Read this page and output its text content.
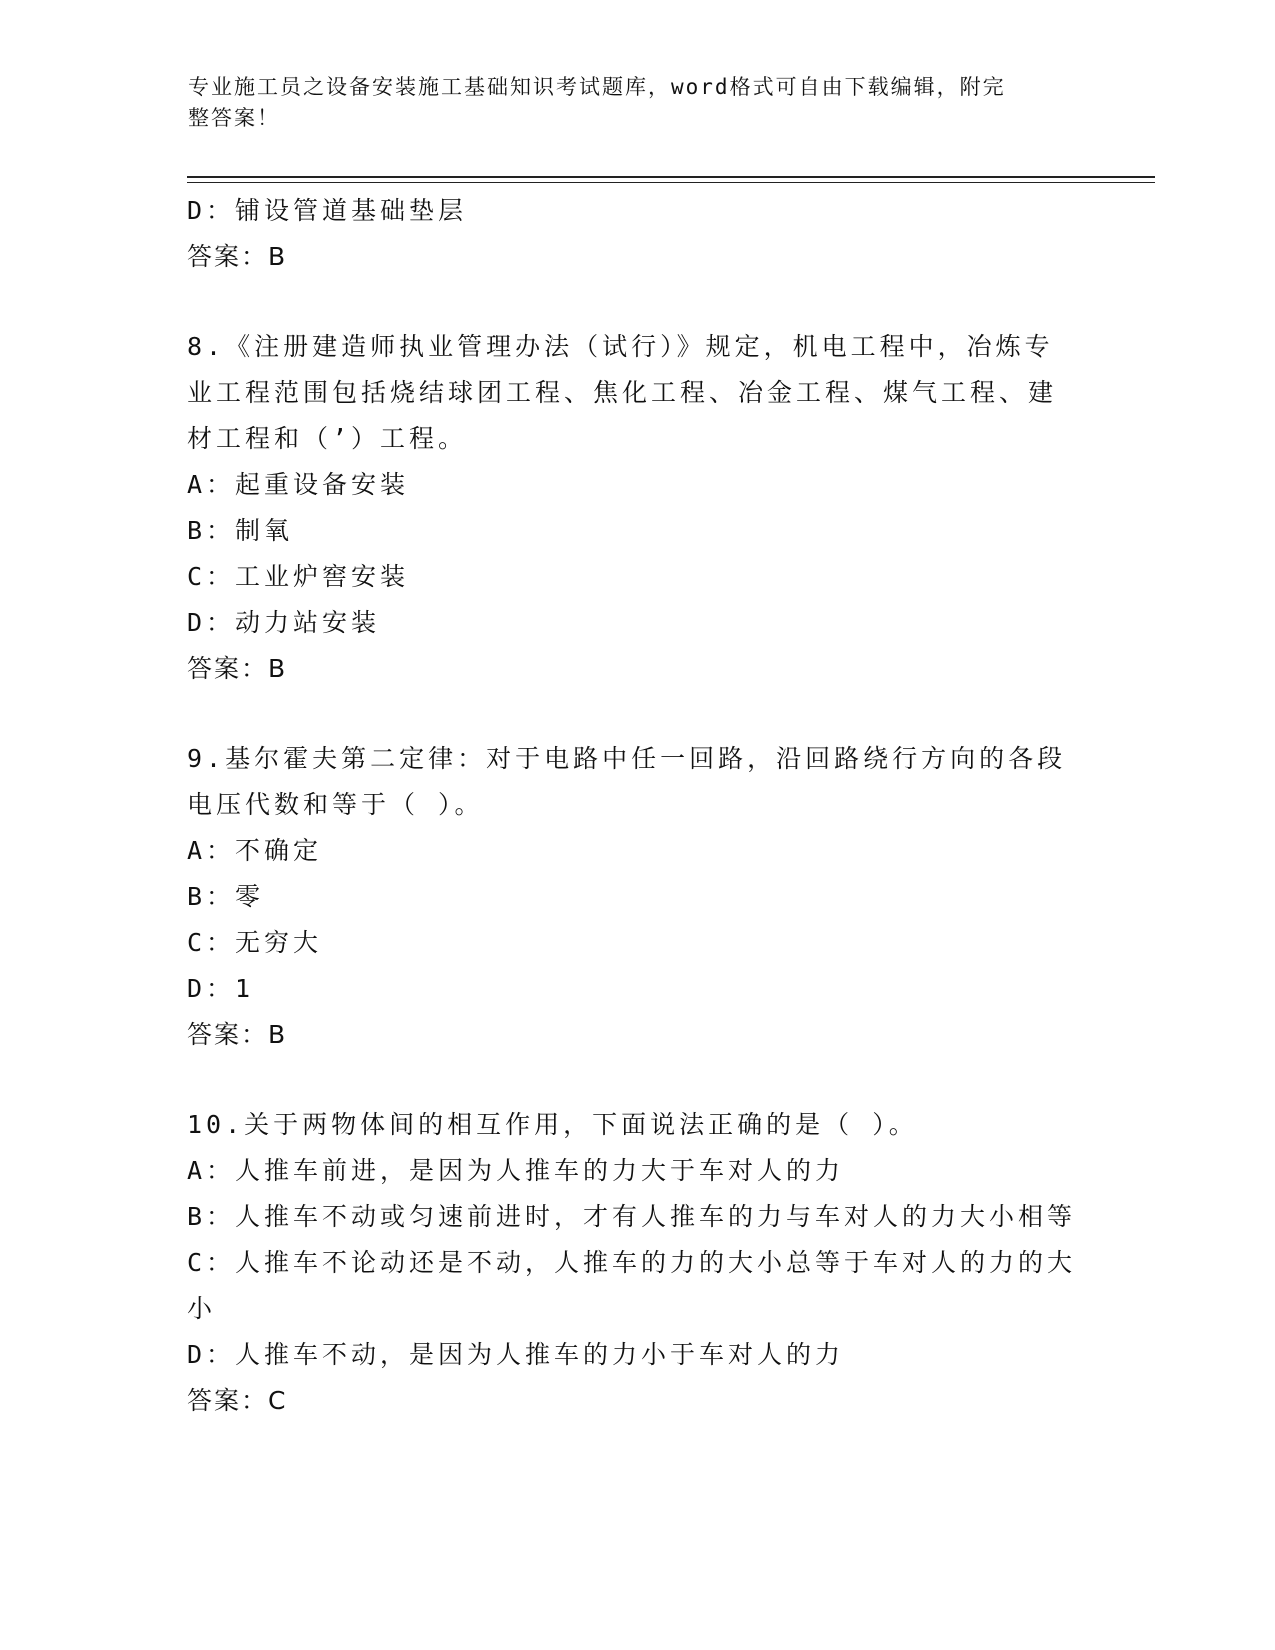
专业施工员之设备安装施工基础知识考试题库，word格式可自由下载编辑，附完
整答案！

D：铺设管道基础垫层

答案：B

8.《注册建造师执业管理办法（试行）》规定，机电工程中，冶炼专

业工程范围包括烧结球团工程、焦化工程、冶金工程、煤气工程、建

材工程和（’）工程。

A：起重设备安装

B：制氧

C：工业炉窖安装

D：动力站安装

答案：B

9.基尔霍夫第二定律：对于电路中任一回路，沿回路绕行方向的各段

电压代数和等于（ ）。

A：不确定

B：零

C：无穷大

D：1

答案：B

10.关于两物体间的相互作用，下面说法正确的是（ ）。

A：人推车前进，是因为人推车的力大于车对人的力

B：人推车不动或匀速前进时，才有人推车的力与车对人的力大小相等

C：人推车不论动还是不动，人推车的力的大小总等于车对人的力的大

小

D：人推车不动，是因为人推车的力小于车对人的力

答案：C
